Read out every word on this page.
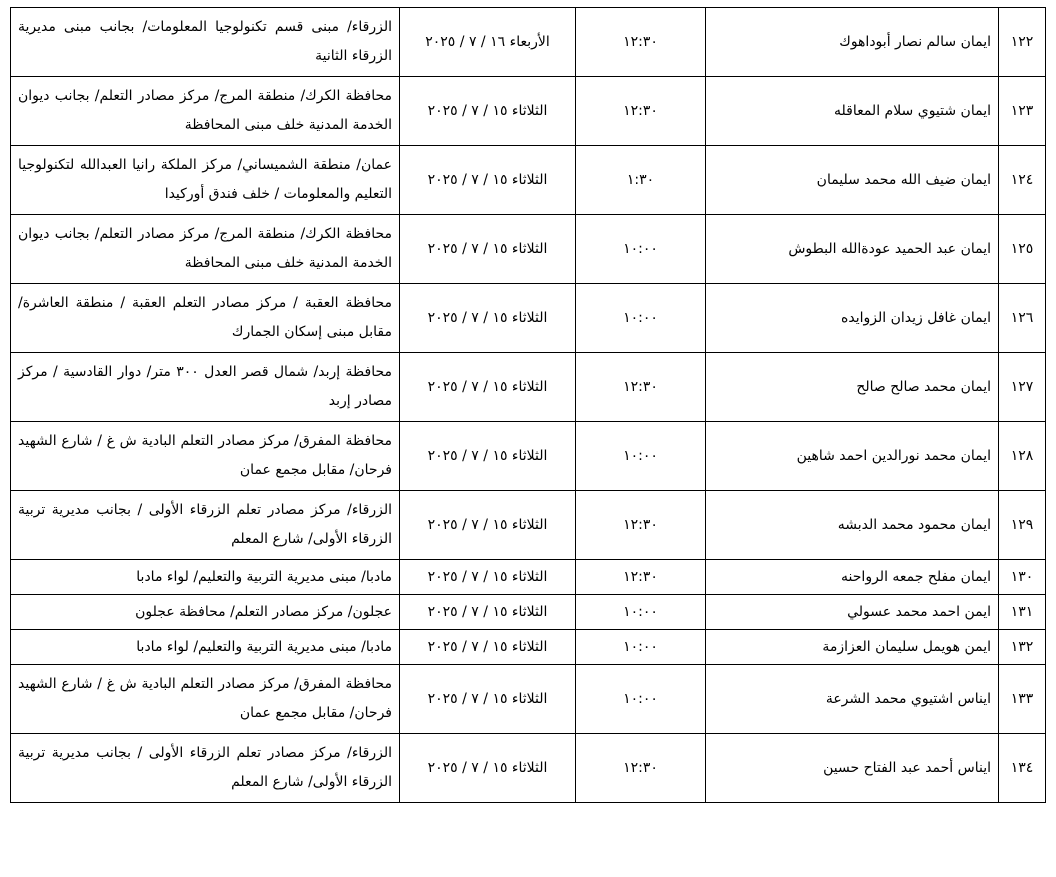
١٢٢	ايمان سالم نصار أبوداهوك	١٢:٣٠	الأربعاء ١٦ / ٧ / ٢٠٢٥	الزرقاء/ مبنى قسم تكنولوجيا المعلومات/ بجانب مبنى مديرية الزرقاء الثانية
١٢٣	ايمان شتيوي سلام المعاقله	١٢:٣٠	الثلاثاء ١٥ / ٧ / ٢٠٢٥	محافظة الكرك/ منطقة المرج/ مركز مصادر التعلم/ بجانب ديوان الخدمة المدنية خلف مبنى المحافظة
١٢٤	ايمان ضيف الله محمد سليمان	١:٣٠	الثلاثاء ١٥ / ٧ / ٢٠٢٥	عمان/ منطقة الشميساني/ مركز الملكة رانيا العبدالله لتكنولوجيا التعليم والمعلومات / خلف فندق أوركيدا
١٢٥	ايمان عبد الحميد عودةالله البطوش	١٠:٠٠	الثلاثاء ١٥ / ٧ / ٢٠٢٥	محافظة الكرك/ منطقة المرج/ مركز مصادر التعلم/ بجانب ديوان الخدمة المدنية خلف مبنى المحافظة
١٢٦	ايمان غافل زيدان الزوايده	١٠:٠٠	الثلاثاء ١٥ / ٧ / ٢٠٢٥	محافظة العقبة / مركز مصادر التعلم العقبة / منطقة العاشرة/ مقابل مبنى إسكان الجمارك
١٢٧	ايمان محمد صالح صالح	١٢:٣٠	الثلاثاء ١٥ / ٧ / ٢٠٢٥	محافظة إربد/ شمال قصر العدل ٣٠٠ متر/ دوار القادسية / مركز مصادر إربد
١٢٨	ايمان محمد نورالدين احمد شاهين	١٠:٠٠	الثلاثاء ١٥ / ٧ / ٢٠٢٥	محافظة المفرق/ مركز مصادر التعلم البادية ش غ / شارع الشهيد فرحان/ مقابل مجمع عمان
١٢٩	ايمان محمود محمد الدبشه	١٢:٣٠	الثلاثاء ١٥ / ٧ / ٢٠٢٥	الزرقاء/ مركز مصادر تعلم الزرقاء الأولى / بجانب مديرية تربية الزرقاء الأولى/ شارع المعلم
١٣٠	ايمان مفلح جمعه الرواحنه	١٢:٣٠	الثلاثاء ١٥ / ٧ / ٢٠٢٥	مادبا/ مبنى مديرية التربية والتعليم/ لواء مادبا
١٣١	ايمن احمد محمد عسولي	١٠:٠٠	الثلاثاء ١٥ / ٧ / ٢٠٢٥	عجلون/ مركز مصادر التعلم/ محافظة عجلون
١٣٢	ايمن هويمل سليمان العزازمة	١٠:٠٠	الثلاثاء ١٥ / ٧ / ٢٠٢٥	مادبا/ مبنى مديرية التربية والتعليم/ لواء مادبا
١٣٣	ايناس اشتيوي محمد الشرعة	١٠:٠٠	الثلاثاء ١٥ / ٧ / ٢٠٢٥	محافظة المفرق/ مركز مصادر التعلم البادية ش غ / شارع الشهيد فرحان/ مقابل مجمع عمان
١٣٤	ايناس أحمد عبد الفتاح حسين	١٢:٣٠	الثلاثاء ١٥ / ٧ / ٢٠٢٥	الزرقاء/ مركز مصادر تعلم الزرقاء الأولى / بجانب مديرية تربية الزرقاء الأولى/ شارع المعلم
